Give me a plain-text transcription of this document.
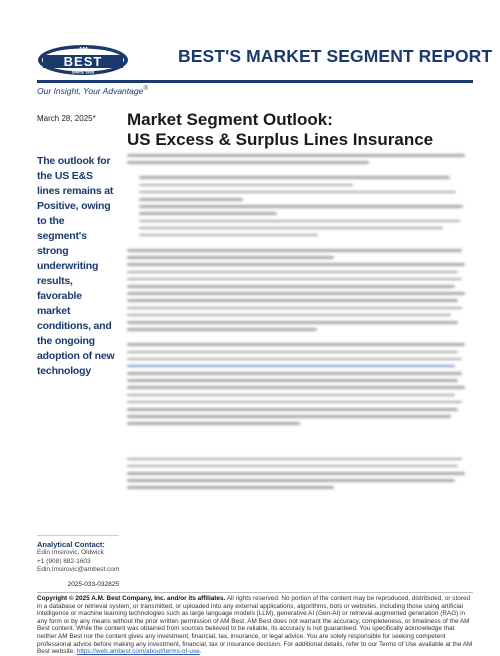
AM
BEST
SINCE 1899
BEST'S MARKET SEGMENT REPORT
Our Insight, Your Advantage®
March 28, 2025*
The outlook for the US E&S lines remains at Positive, owing to the segment's strong underwriting results, favorable market conditions, and the ongoing adoption of new technology
Analytical Contact:
Edin Imsirovic, Oldwick
+1 (908) 882-1603
Edin.Imsirovic@ambest.com
2025-033-032825
Market Segment Outlook:
US Excess & Surplus Lines Insurance
Copyright © 2025 A.M. Best Company, Inc. and/or its affiliates. All rights reserved. No portion of the content may be reproduced, distributed, or stored in a database or retrieval system, or transmitted, or uploaded into any external applications, algorithms, bots or websites, including those using artificial intelligence or machine learning technologies such as large language models (LLM), generative AI (Gen-AI) or retrieval-augmented generation (RAG) in any form or by any means without the prior written permission of AM Best. AM Best does not warrant the accuracy, completeness, or timeliness of the AM Best content. While the content was obtained from sources believed to be reliable, its accuracy is not guaranteed. You specifically acknowledge that neither AM Best nor the content gives any investment, financial, tax, insurance, or legal advice. You are solely responsible for seeking competent professional advice before making any investment, financial, tax or insurance decision. For additional details, refer to our Terms of Use available at the AM Best website: https://web.ambest.com/about/terms-of-use.
